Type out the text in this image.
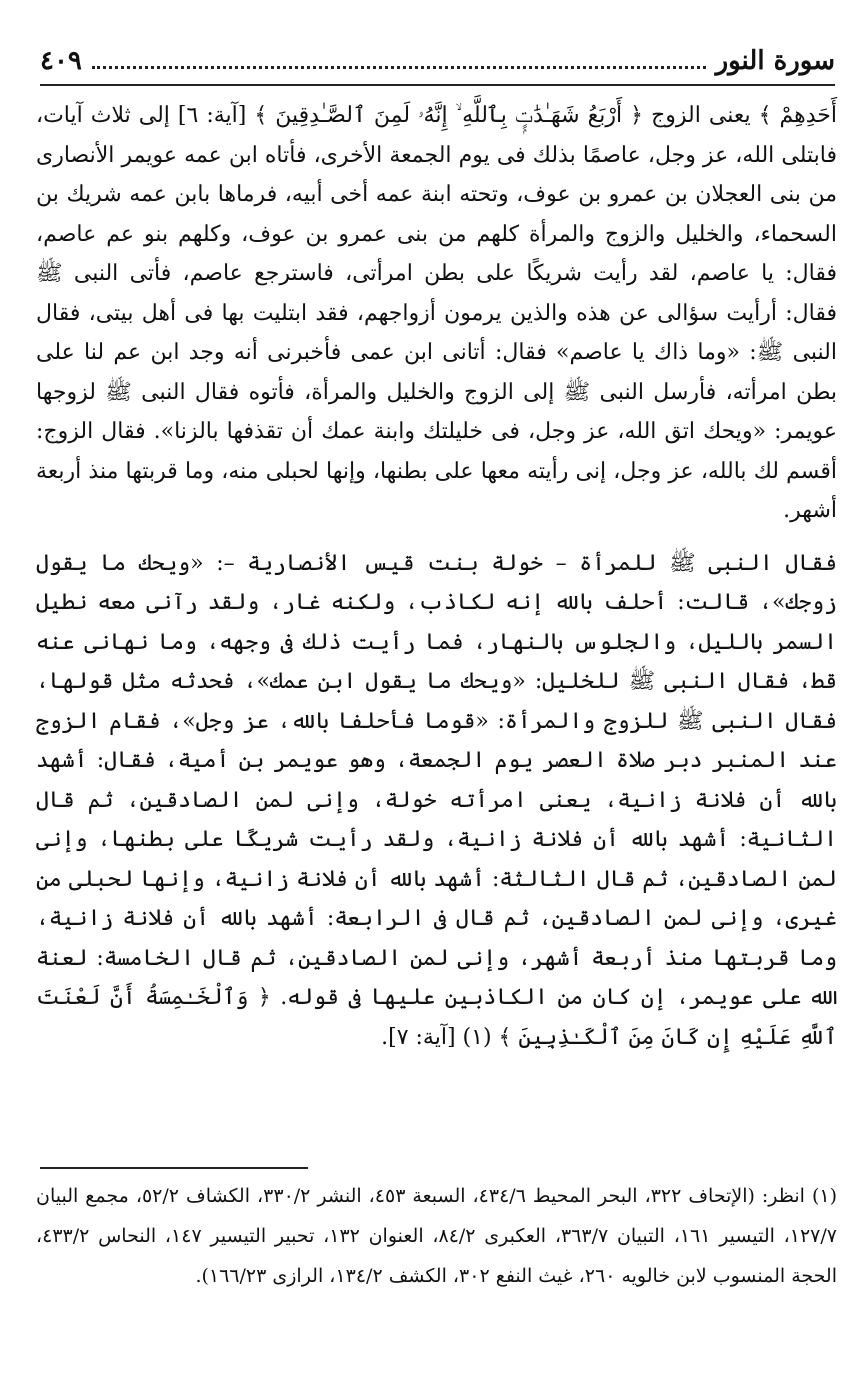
سورة النور
٤٠٩

أَحَدِهِمْ ﴾ يعنى الزوج ﴿ أَرْبَعُ شَهَـٰدَٰتٍۭ بِٱللَّهِ ۙ إِنَّهُۥ لَمِنَ ٱلصَّـٰدِقِينَ ﴾ [آية: ٦] إلى ثلاث آيات، فابتلى الله، عز وجل، عاصمًا بذلك فى يوم الجمعة الأخرى، فأتاه ابن عمه عويمر الأنصارى من بنى العجلان بن عمرو بن عوف، وتحته ابنة عمه أخى أبيه، فرماها بابن عمه شريك بن السحماء، والخليل والزوج والمرأة كلهم من بنى عمرو بن عوف، وكلهم بنو عم عاصم، فقال: يا عاصم، لقد رأيت شريكًا على بطن امرأتى، فاسترجع عاصم، فأتى النبى ﷺ فقال: أرأيت سؤالى عن هذه والذين يرمون أزواجهم، فقد ابتليت بها فى أهل بيتى، فقال النبى ﷺ: «وما ذاك يا عاصم» فقال: أتانى ابن عمى فأخبرنى أنه وجد ابن عم لنا على بطن امرأته، فأرسل النبى ﷺ إلى الزوج والخليل والمرأة، فأتوه فقال النبى ﷺ لزوجها عويمر: «ويحك اتق الله، عز وجل، فى خليلتك وابنة عمك أن تقذفها بالزنا». فقال الزوج: أقسم لك بالله، عز وجل، إنى رأيته معها على بطنها، وإنها لحبلى منه، وما قربتها منذ أربعة أشهر.

فقال النبى ﷺ للمرأة – خولة بنت قيس الأنصارية –: «ويحك ما يقول زوجك»، قالت: أحلف بالله إنه لكاذب، ولكنه غار، ولقد رآنى معه نطيل السمر بالليل، والجلوس بالنهار، فما رأيت ذلك فى وجهه، وما نهانى عنه قط، فقال النبى ﷺ للخليل: «ويحك ما يقول ابن عمك»، فحدثه مثل قولها، فقال النبى ﷺ للزوج والمرأة: «قوما فأحلفا بالله، عز وجل»، فقام الزوج عند المنبر دبر صلاة العصر يوم الجمعة، وهو عويمر بن أمية، فقال: أشهد بالله أن فلانة زانية، يعنى امرأته خولة، وإنى لمن الصادقين، ثم قال الثانية: أشهد بالله أن فلانة زانية، ولقد رأيت شريكًا على بطنها، وإنى لمن الصادقين، ثم قال الثالثة: أشهد بالله أن فلانة زانية، وإنها لحبلى من غيرى، وإنى لمن الصادقين، ثم قال فى الرابعة: أشهد بالله أن فلانة زانية، وما قربتها منذ أربعة أشهر، وإنى لمن الصادقين، ثم قال الخامسة: لعنة الله على عويمر، إن كان من الكاذبين عليها فى قوله. ﴿ وَٱلْخَـٰمِسَةُ أَنَّ لَعْنَتَ ٱللَّهِ عَلَيْهِ إِن كَانَ مِنَ ٱلْكَـٰذِبِينَ ﴾ (١) [آية: ٧].

(١) انظر: (الإتحاف ٣٢٢، البحر المحيط ٤٣٤/٦، السبعة ٤٥٣، النشر ٣٣٠/٢، الكشاف ٥٢/٢، مجمع البيان ١٢٧/٧، التيسير ١٦١، التبيان ٣٦٣/٧، العكبرى ٨٤/٢، العنوان ١٣٢، تحبير التيسير ١٤٧، النحاس ٤٣٣/٢، الحجة المنسوب لابن خالويه ٢٦٠، غيث النفع ٣٠٢، الكشف ١٣٤/٢، الرازى ١٦٦/٢٣).
